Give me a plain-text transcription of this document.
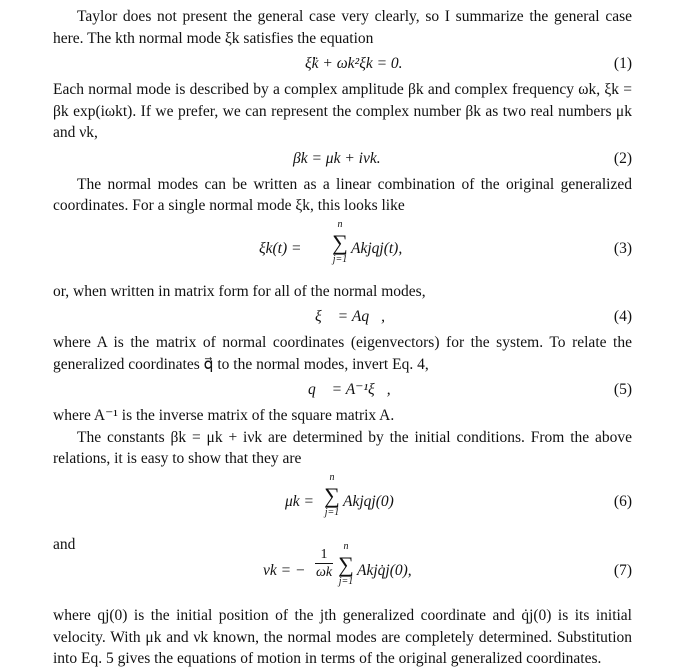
Taylor does not present the general case very clearly, so I summarize the general case here. The kth normal mode ξk satisfies the equation

ξ̈k + ωk²ξk = 0.	(1)

Each normal mode is described by a complex amplitude βk and complex frequency ωk, ξk = βk exp(iωkt). If we prefer, we can represent the complex number βk as two real numbers μk and νk,

βk = μk + iνk.	(2)

The normal modes can be written as a linear combination of the original generalized coordinates. For a single normal mode ξk, this looks like

ξk(t) =
n
∑
j=1
Akjqj(t),	(3)

or, when written in matrix form for all of the normal modes,

ξ⃗ = Aq⃗,	(4)

where A is the matrix of normal coordinates (eigenvectors) for the system. To relate the generalized coordinates q⃗ to the normal modes, invert Eq. 4,

q⃗ = A⁻¹ξ⃗,	(5)

where A⁻¹ is the inverse matrix of the square matrix A.

The constants βk = μk + iνk are determined by the initial conditions. From the above relations, it is easy to show that they are

μk =
n
∑
j=1
Akjqj(0)	(6)

and

νk = − $\frac{1}{\omega k}$
n
∑
j=1
Akjq̇j(0),	(7)

where qj(0) is the initial position of the jth generalized coordinate and q̇j(0) is its initial velocity. With μk and νk known, the normal modes are completely determined. Substitution into Eq. 5 gives the equations of motion in terms of the original generalized coordinates.
